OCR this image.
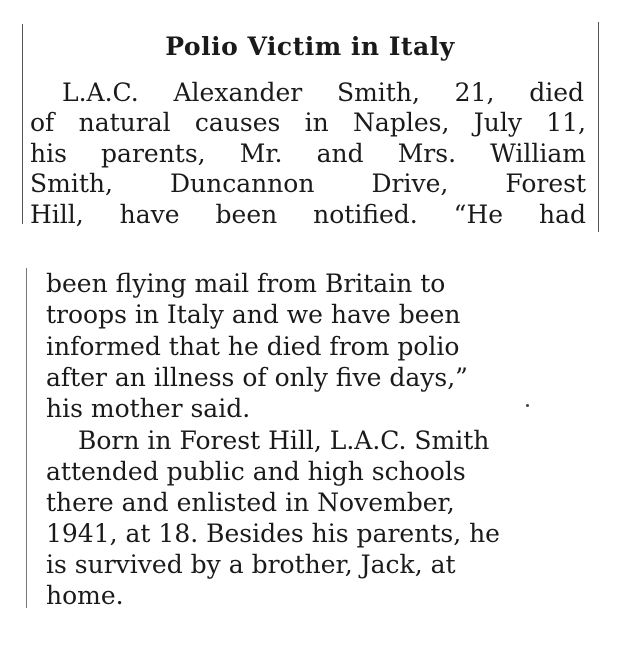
Polio Victim in Italy

L.A.C. Alexander Smith, 21, died

of natural causes in Naples, July 11,

his parents, Mr. and Mrs. William

Smith, Duncannon Drive, Forest

Hill, have been notified. “He had

been flying mail from Britain to

troops in Italy and we have been

informed that he died from polio

after an illness of only five days,”

his mother said.

Born in Forest Hill, L.A.C. Smith

attended public and high schools

there and enlisted in November,

1941, at 18. Besides his parents, he

is survived by a brother, Jack, at

home.
